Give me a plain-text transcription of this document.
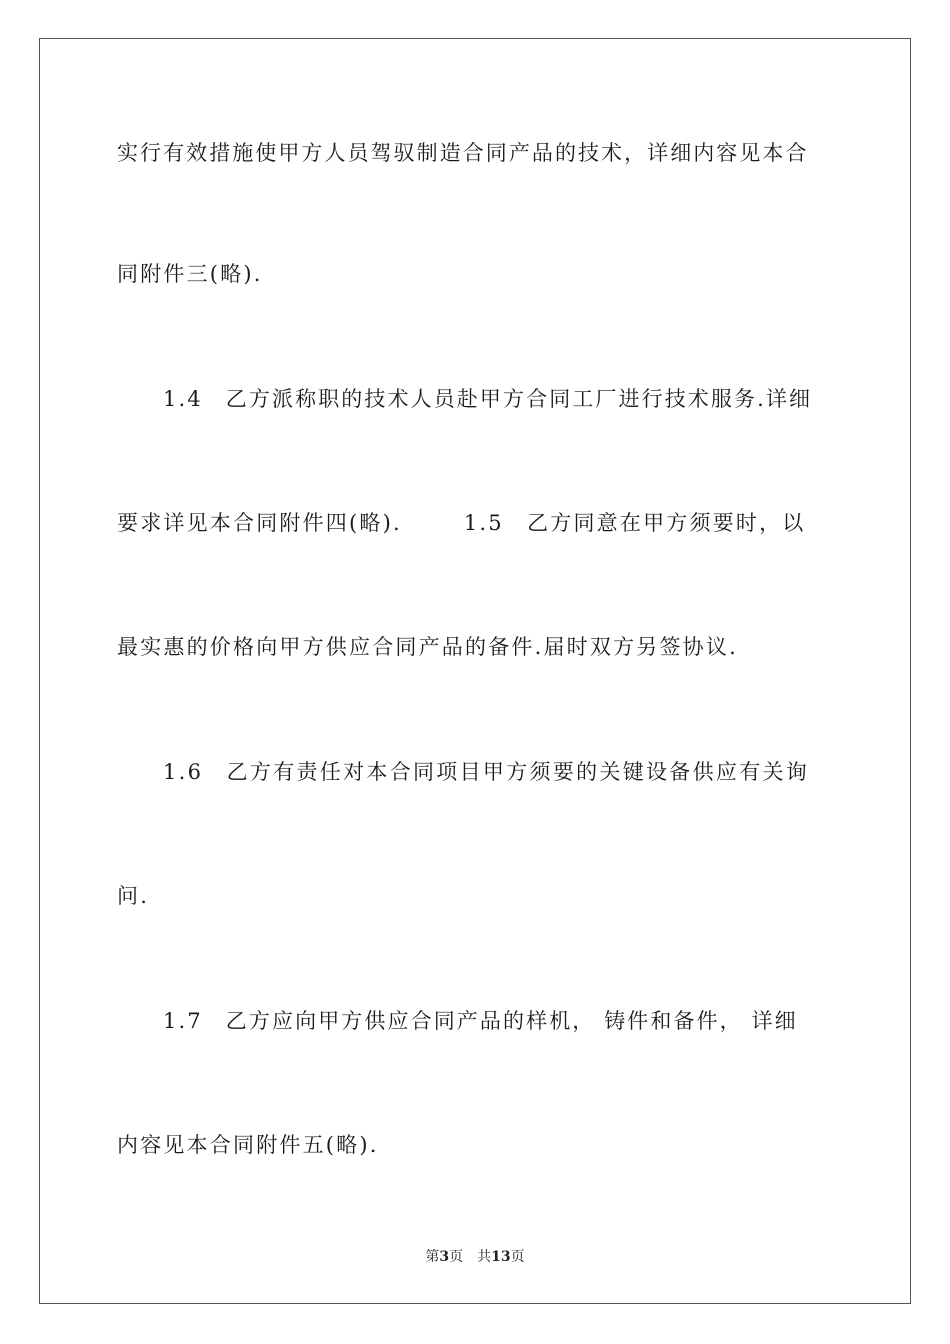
实行有效措施使甲方人员驾驭制造合同产品的技术，详细内容见本合
同附件三(略).
1.4　乙方派称职的技术人员赴甲方合同工厂进行技术服务.详细
要求详见本合同附件四(略).	1.5　乙方同意在甲方须要时，以
最实惠的价格向甲方供应合同产品的备件.届时双方另签协议.
1.6　乙方有责任对本合同项目甲方须要的关键设备供应有关询
问.
1.7　乙方应向甲方供应合同产品的样机， 铸件和备件， 详细
内容见本合同附件五(略).
第3页 共13页
